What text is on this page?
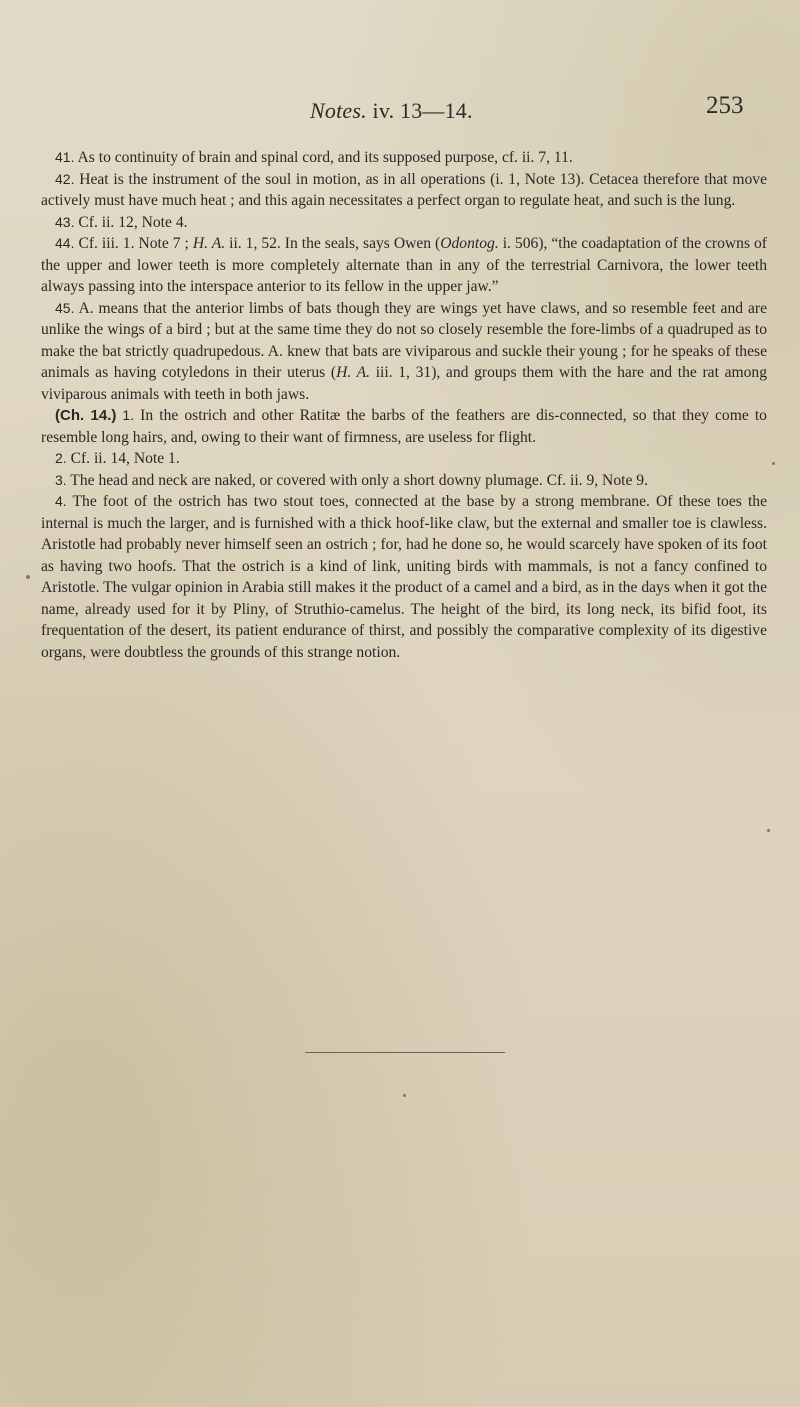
Notes. iv. 13—14.	253

41. As to continuity of brain and spinal cord, and its supposed purpose, cf. ii. 7, 11.

42. Heat is the instrument of the soul in motion, as in all operations (i. 1, Note 13). Cetacea therefore that move actively must have much heat ; and this again necessitates a perfect organ to regulate heat, and such is the lung.

43. Cf. ii. 12, Note 4.

44. Cf. iii. 1. Note 7 ; H. A. ii. 1, 52. In the seals, says Owen (Odontog. i. 506), “the coadaptation of the crowns of the upper and lower teeth is more completely alternate than in any of the terrestrial Carnivora, the lower teeth always passing into the interspace anterior to its fellow in the upper jaw.”

45. A. means that the anterior limbs of bats though they are wings yet have claws, and so resemble feet and are unlike the wings of a bird ; but at the same time they do not so closely resemble the fore-limbs of a quadruped as to make the bat strictly quadrupedous. A. knew that bats are viviparous and suckle their young ; for he speaks of these animals as having cotyledons in their uterus (H. A. iii. 1, 31), and groups them with the hare and the rat among viviparous animals with teeth in both jaws.

(Ch. 14.) 1. In the ostrich and other Ratitæ the barbs of the feathers are dis-connected, so that they come to resemble long hairs, and, owing to their want of firmness, are useless for flight.

2. Cf. ii. 14, Note 1.

3. The head and neck are naked, or covered with only a short downy plumage. Cf. ii. 9, Note 9.

4. The foot of the ostrich has two stout toes, connected at the base by a strong membrane. Of these toes the internal is much the larger, and is furnished with a thick hoof-like claw, but the external and smaller toe is clawless. Aristotle had probably never himself seen an ostrich ; for, had he done so, he would scarcely have spoken of its foot as having two hoofs. That the ostrich is a kind of link, uniting birds with mammals, is not a fancy confined to Aristotle. The vulgar opinion in Arabia still makes it the product of a camel and a bird, as in the days when it got the name, already used for it by Pliny, of Struthio-camelus. The height of the bird, its long neck, its bifid foot, its frequentation of the desert, its patient endurance of thirst, and possibly the comparative complexity of its digestive organs, were doubtless the grounds of this strange notion.
